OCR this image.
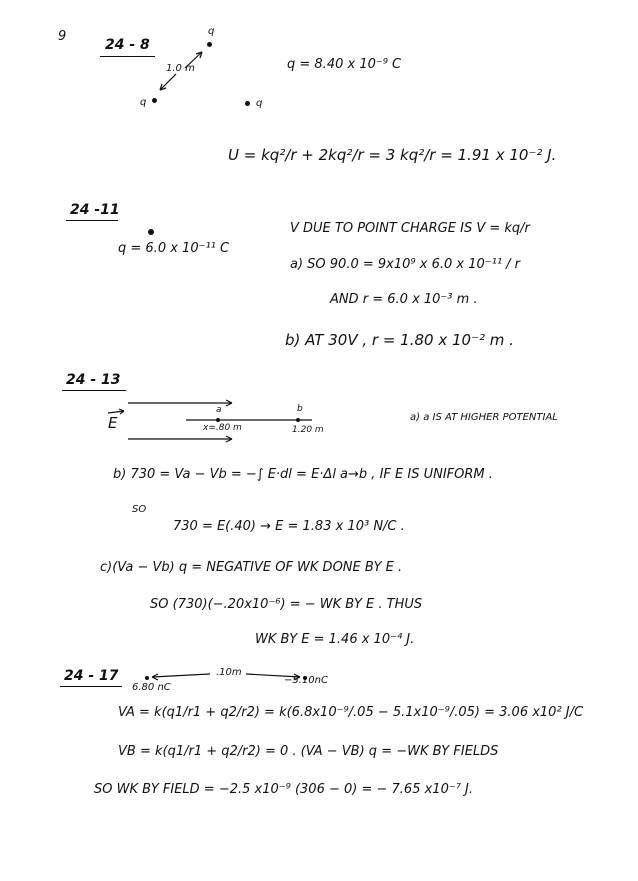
9
24 - 8
q
q	q
1.0 m	q = 8.40 x 10⁻⁹ C
U = kq²/r + 2kq²/r = 3 kq²/r = 1.91 x 10⁻² J.
24 -11
q = 6.0 x 10⁻¹¹ C
V DUE TO POINT CHARGE IS V = kq/r
a) SO 90.0 = 9x10⁹ x 6.0 x 10⁻¹¹ / r
AND r = 6.0 x 10⁻³ m .
b) AT 30V , r = 1.80 x 10⁻² m .
24 - 13
E
a	b
x=.80 m	1.20 m
a) a IS AT HIGHER POTENTIAL
b) 730 = Va − Vb = −∫ E·dl = E·Δl a→b , IF E IS UNIFORM .
SO
730 = E(.40) → E = 1.83 x 10³ N/C .
c)(Va − Vb) q = NEGATIVE OF WK DONE BY E .
SO (730)(−.20x10⁻⁶) = − WK BY E . THUS
WK BY E = 1.46 x 10⁻⁴ J.
24 - 17
6.80 nC
.10m
−5.10nC
VA = k(q1/r1 + q2/r2) = k(6.8x10⁻⁹/.05 − 5.1x10⁻⁹/.05) = 3.06 x10² J/C
VB = k(q1/r1 + q2/r2) = 0 . (VA − VB) q = −WK BY FIELDS
SO WK BY FIELD = −2.5 x10⁻⁹ (306 − 0) = − 7.65 x10⁻⁷ J.
